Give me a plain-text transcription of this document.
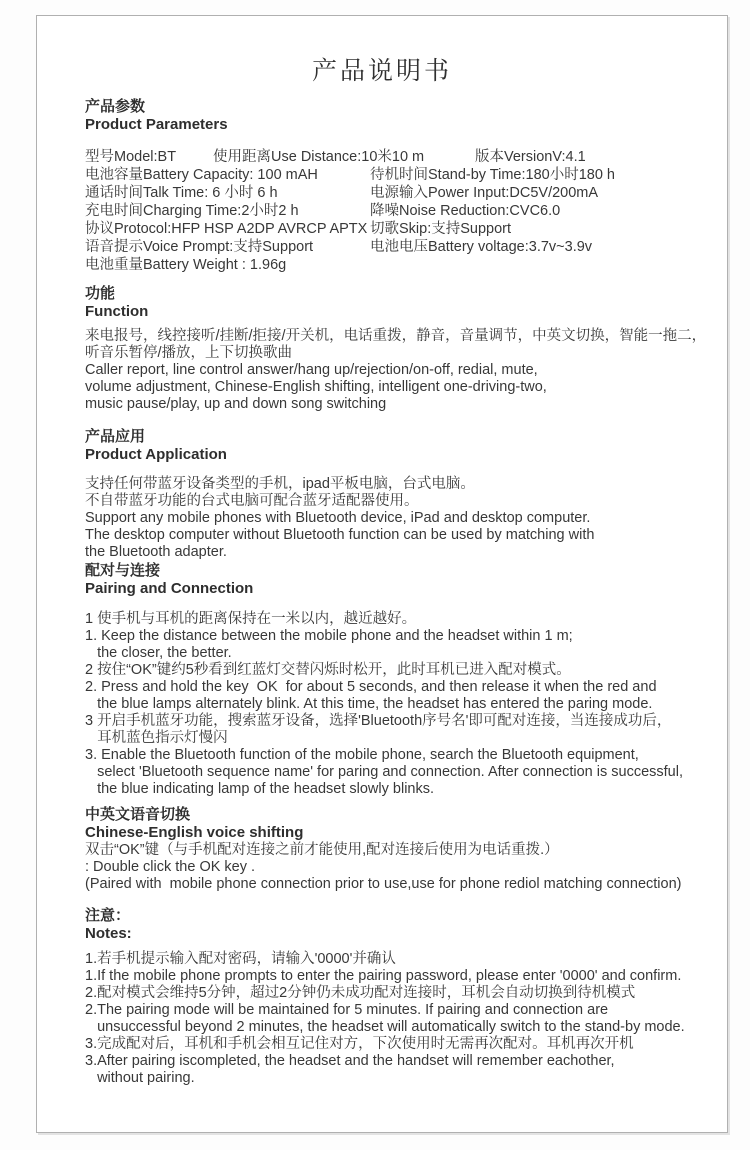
产品说明书
产品参数
Product Parameters
型号Model:BT	使用距离Use Distance:10米10 m	版本VersionV:4.1
电池容量Battery Capacity: 100 mAH	待机时间Stand-by Time:180小时180 h
通话时间Talk Time: 6 小时 6 h	电源输入Power Input:DC5V/200mA
充电时间Charging Time:2小时2 h	降噪Noise Reduction:CVC6.0
协议Protocol:HFP HSP A2DP AVRCP APTX 切歌Skip:支持Support
语音提示Voice Prompt:支持Support	电池电压Battery voltage:3.7v~3.9v
电池重量Battery Weight : 1.96g
功能
Function
来电报号，线控接听/挂断/拒接/开关机，电话重拨，静音，音量调节，中英文切换，智能一拖二，
听音乐暂停/播放，上下切换歌曲
Caller report, line control answer/hang up/rejection/on-off, redial, mute,
volume adjustment, Chinese-English shifting, intelligent one-driving-two,
music pause/play, up and down song switching
产品应用
Product Application
支持任何带蓝牙设备类型的手机，ipad平板电脑，台式电脑。
不自带蓝牙功能的台式电脑可配合蓝牙适配器使用。
Support any mobile phones with Bluetooth device, iPad and desktop computer.
The desktop computer without Bluetooth function can be used by matching with
the Bluetooth adapter.
配对与连接
Pairing and Connection
1 使手机与耳机的距离保持在一米以内，越近越好。
1. Keep the distance between the mobile phone and the headset within 1 m;
the closer, the better.
2 按住“OK”键约5秒看到红蓝灯交替闪烁时松开，此时耳机已进入配对模式。
2. Press and hold the key  OK  for about 5 seconds, and then release it when the red and
the blue lamps alternately blink. At this time, the headset has entered the paring mode.
3 开启手机蓝牙功能，搜索蓝牙设备，选择'Bluetooth序号名'即可配对连接，当连接成功后，
耳机蓝色指示灯慢闪
3. Enable the Bluetooth function of the mobile phone, search the Bluetooth equipment,
select 'Bluetooth sequence name' for paring and connection. After connection is successful,
the blue indicating lamp of the headset slowly blinks.
中英文语音切换
Chinese-English voice shifting
双击“OK”键（与手机配对连接之前才能使用,配对连接后使用为电话重拨.）
: Double click the OK key .
(Paired with  mobile phone connection prior to use,use for phone rediol matching connection)
注意：
Notes:
1.若手机提示输入配对密码，请输入'0000'并确认
1.If the mobile phone prompts to enter the pairing password, please enter '0000' and confirm.
2.配对模式会维持5分钟，超过2分钟仍未成功配对连接时，耳机会自动切换到待机模式
2.The pairing mode will be maintained for 5 minutes. If pairing and connection are
unsuccessful beyond 2 minutes, the headset will automatically switch to the stand-by mode.
3.完成配对后，耳机和手机会相互记住对方，下次使用时无需再次配对。耳机再次开机
3.After pairing iscompleted, the headset and the handset will remember eachother,
without pairing.
